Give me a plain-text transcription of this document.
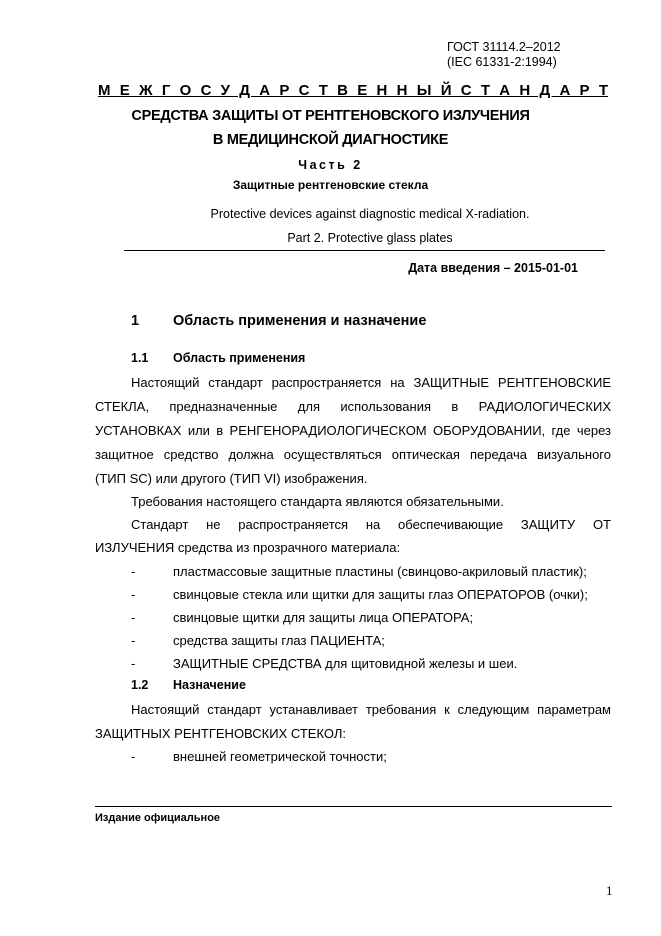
ГОСТ 31114.2–2012
(IEC 61331-2:1994)
М Е Ж Г О С У Д А Р С Т В Е Н Н Ы Й С Т А Н Д А Р Т
СРЕДСТВА ЗАЩИТЫ ОТ РЕНТГЕНОВСКОГО ИЗЛУЧЕНИЯ
В МЕДИЦИНСКОЙ ДИАГНОСТИКЕ
Часть 2
Защитные рентгеновские стекла
Protective devices against diagnostic medical X-radiation.
Part 2. Protective glass plates
Дата введения – 2015-01-01
1 Область применения и назначение
1.1 Область применения
Настоящий стандарт распространяется на ЗАЩИТНЫЕ РЕНТГЕНОВСКИЕ
СТЕКЛА, предназначенные для использования в РАДИОЛОГИЧЕСКИХ
УСТАНОВКАХ или в РЕНГЕНОРАДИОЛОГИЧЕСКОМ ОБОРУДОВАНИИ, где через
защитное средство должна осуществляться оптическая передача визуального
(ТИП SC) или другого (ТИП VI) изображения.
Требования настоящего стандарта являются обязательными.
Стандарт не распространяется на обеспечивающие ЗАЩИТУ ОТ
ИЗЛУЧЕНИЯ средства из прозрачного материала:
-	пластмассовые защитные пластины (свинцово-акриловый пластик);
-	свинцовые стекла или щитки для защиты глаз ОПЕРАТОРОВ (очки);
-	свинцовые щитки для защиты лица ОПЕРАТОРА;
-	средства защиты глаз ПАЦИЕНТА;
-	ЗАЩИТНЫЕ СРЕДСТВА для щитовидной железы и шеи.
1.2 Назначение
Настоящий стандарт устанавливает требования к следующим параметрам
ЗАЩИТНЫХ РЕНТГЕНОВСКИХ СТЕКОЛ:
-	внешней геометрической точности;
Издание официальное
1
